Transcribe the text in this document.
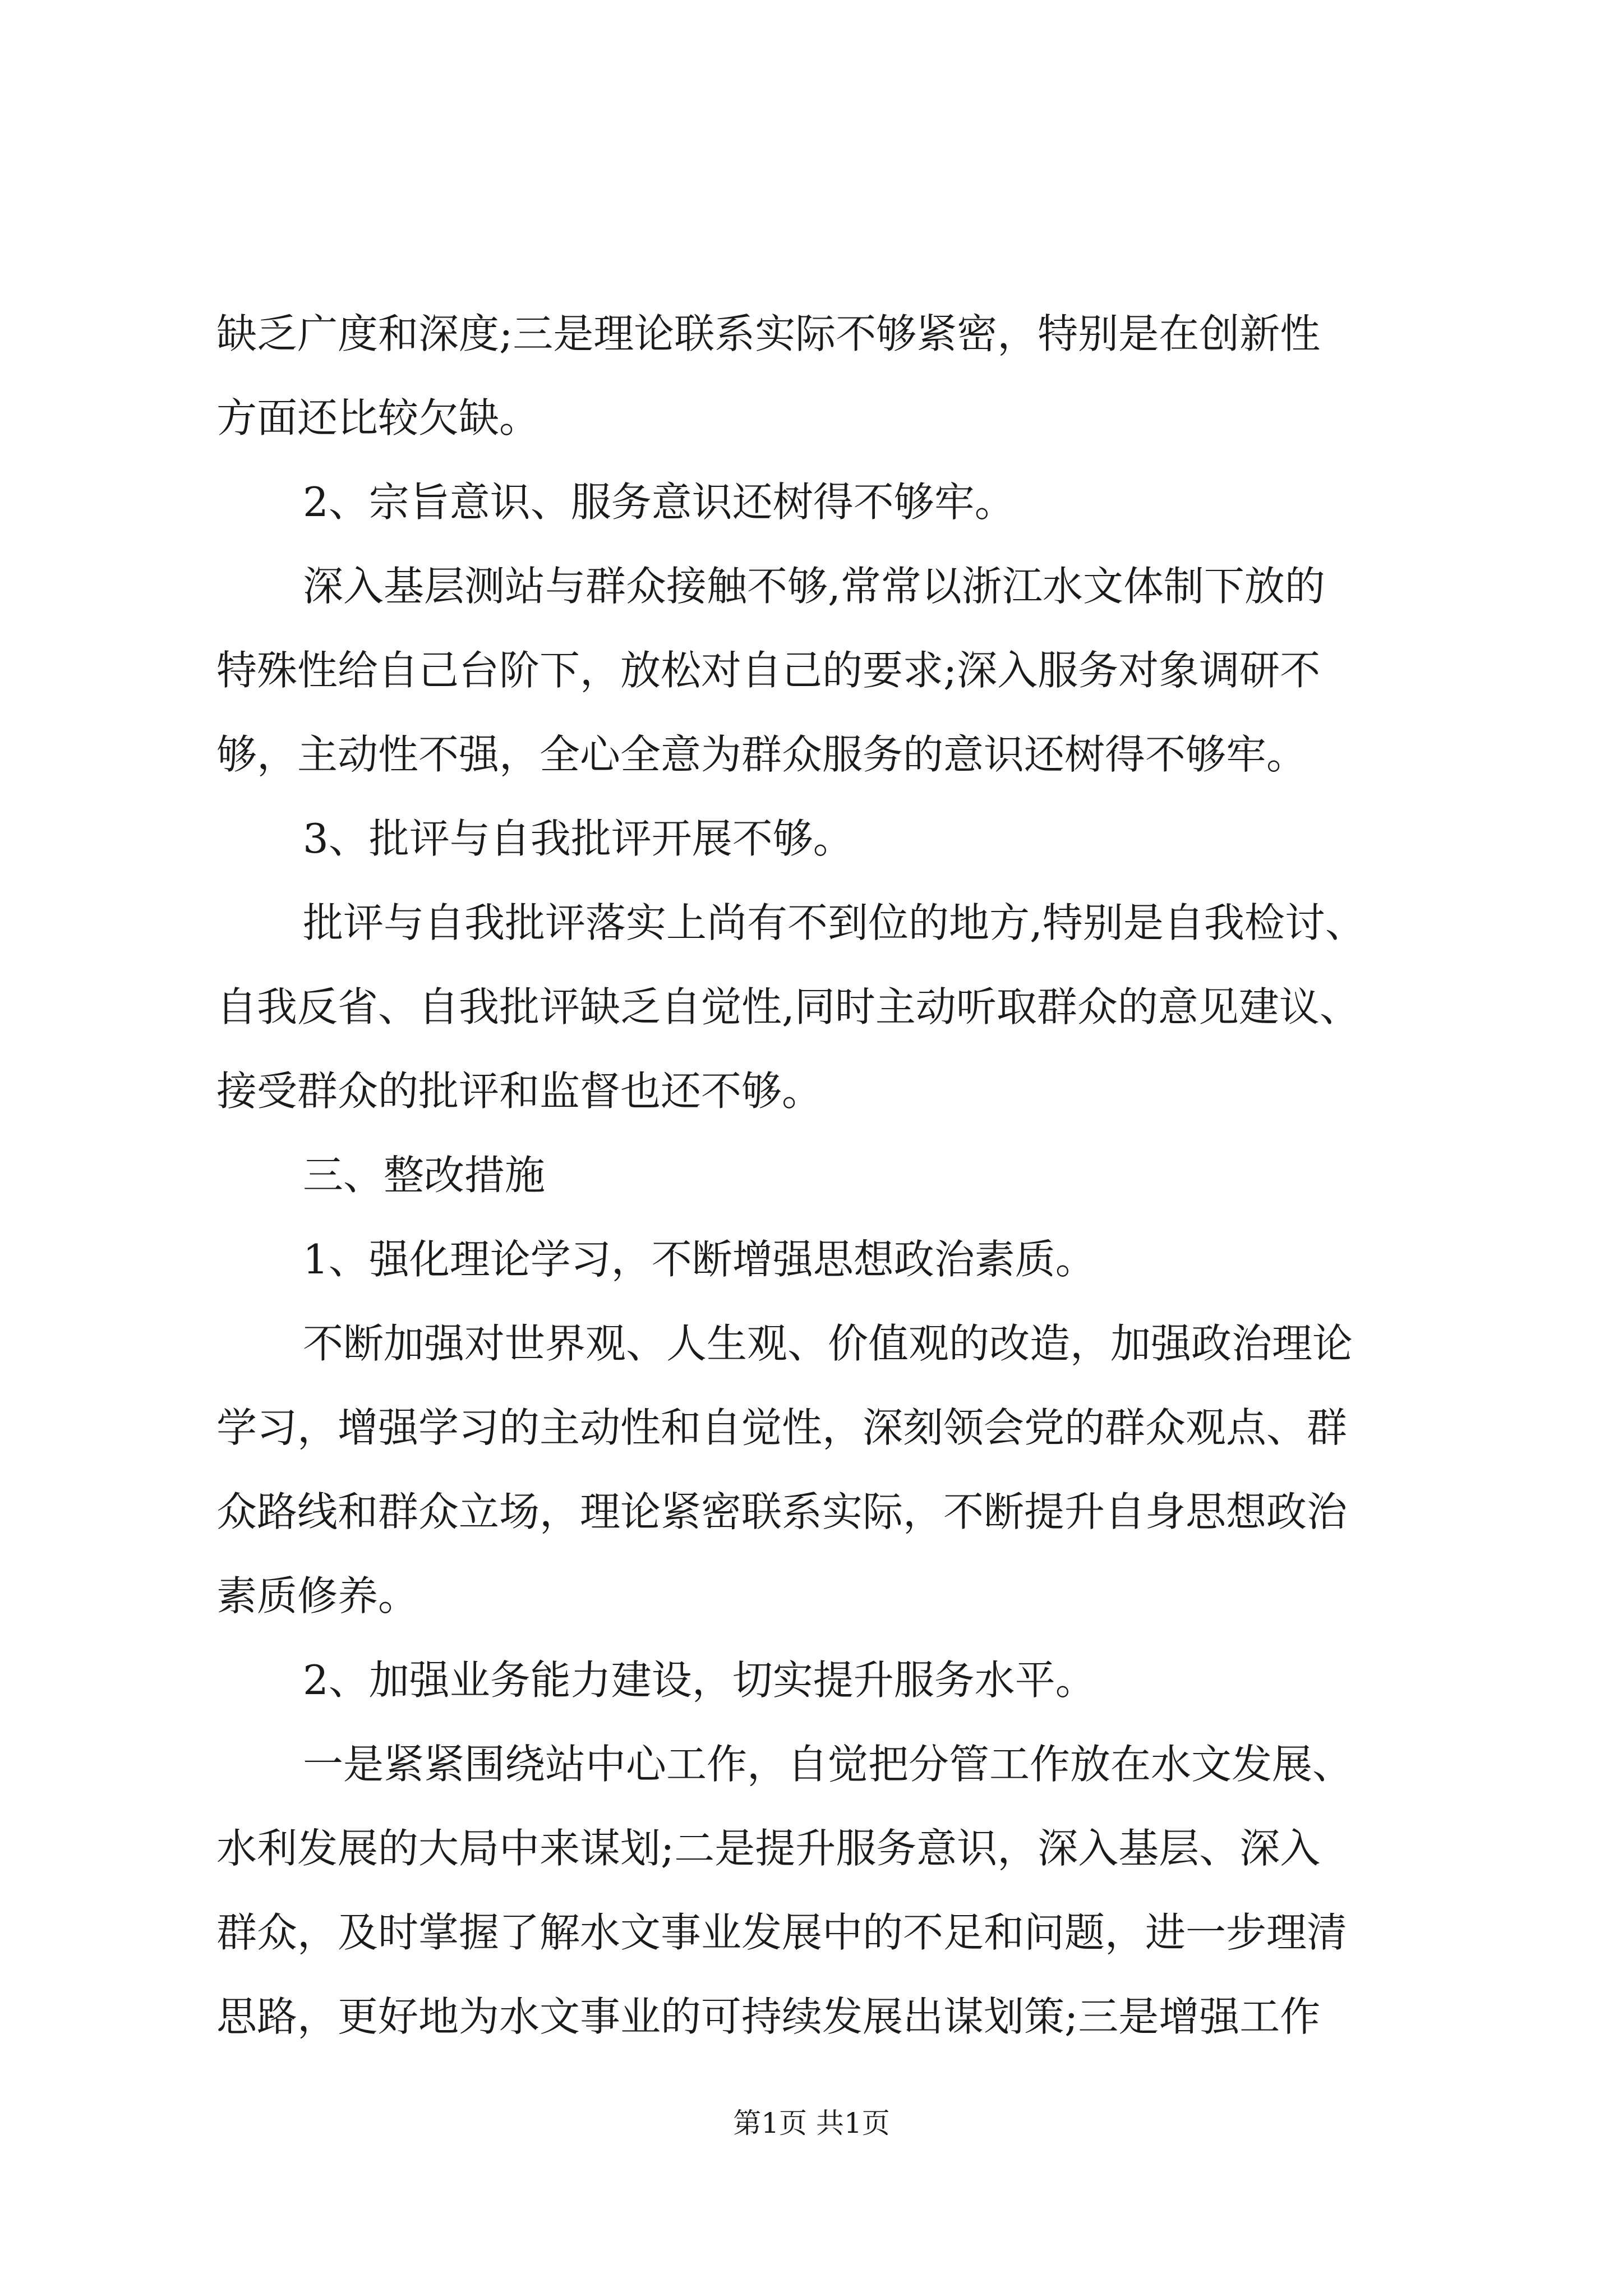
缺乏广度和深度;三是理论联系实际不够紧密，特别是在创新性
方面还比较欠缺。
2、宗旨意识、服务意识还树得不够牢。
深入基层测站与群众接触不够,常常以浙江水文体制下放的
特殊性给自己台阶下，放松对自己的要求;深入服务对象调研不
够，主动性不强，全心全意为群众服务的意识还树得不够牢。
3、批评与自我批评开展不够。
批评与自我批评落实上尚有不到位的地方,特别是自我检讨、
自我反省、自我批评缺乏自觉性,同时主动听取群众的意见建议、
接受群众的批评和监督也还不够。
三、整改措施
1、强化理论学习，不断增强思想政治素质。
不断加强对世界观、人生观、价值观的改造，加强政治理论
学习，增强学习的主动性和自觉性，深刻领会党的群众观点、群
众路线和群众立场，理论紧密联系实际，不断提升自身思想政治
素质修养。
2、加强业务能力建设，切实提升服务水平。
一是紧紧围绕站中心工作，自觉把分管工作放在水文发展、
水利发展的大局中来谋划;二是提升服务意识，深入基层、深入
群众，及时掌握了解水文事业发展中的不足和问题，进一步理清
思路，更好地为水文事业的可持续发展出谋划策;三是增强工作
第1页 共1页
